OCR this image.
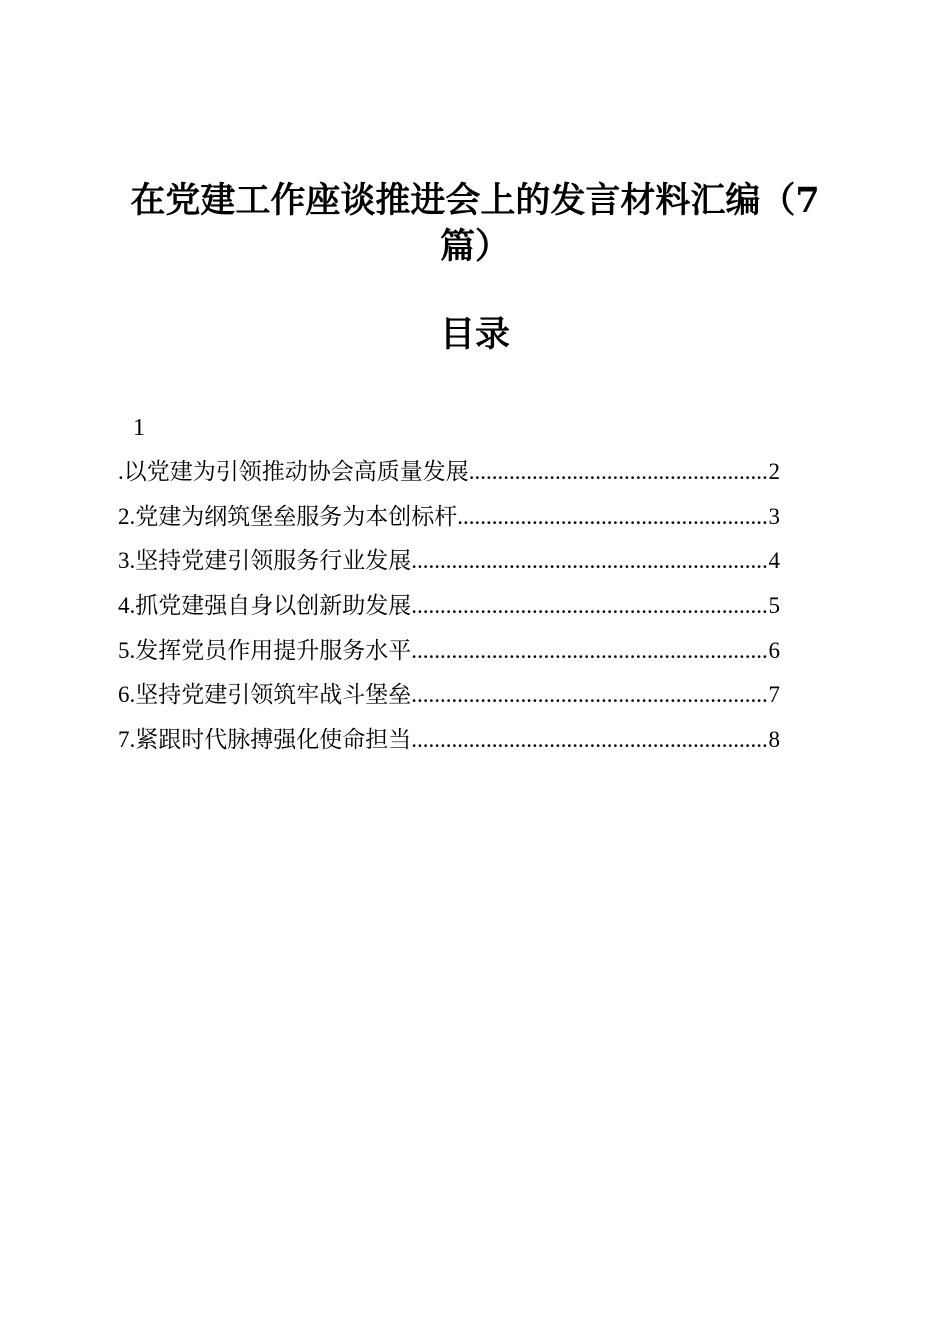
在党建工作座谈推进会上的发言材料汇编（7篇）
目录
1
. 以党建为引领推动协会高质量发展 .....	2
2. 党建为纲筑堡垒服务为本创标杆 .....	3
3. 坚持党建引领服务行业发展 .....	4
4. 抓党建强自身以创新助发展 .....	5
5. 发挥党员作用提升服务水平 .....	6
6. 坚持党建引领筑牢战斗堡垒 .....	7
7. 紧跟时代脉搏强化使命担当 .....	8
